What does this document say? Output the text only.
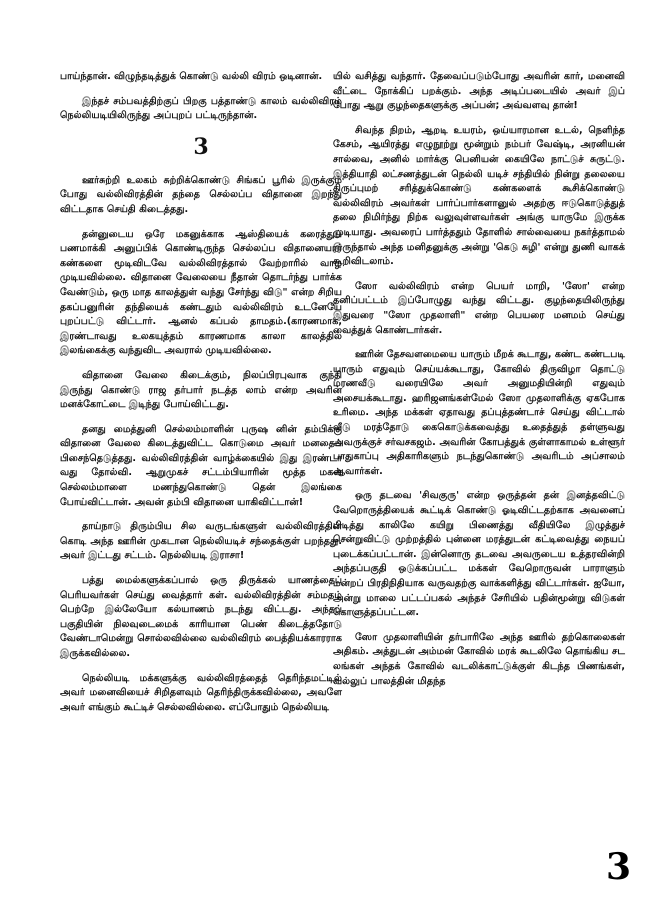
பாய்ந்தான். விழுந்தடித்துக் கொண்டு வல்லி விரம் ஒடினான்.

இந்தச் சம்பவத்திற்குப் பிறகு பத்தாண்டு காலம் வல்லிவிரம் நெல்லியடியிலிருந்து அப்புறப் பட்டிருந்தான்.

3

ஊர்சுற்றி உலகம் சுற்றிக்கொண்டு சிங்கப் பூரில் இருக்கும் போது வல்லிவிரத்தின் தந்தை செல்லப்ப விதானை இறந்து விட்டதாக செய்தி கிடைத்தது.

தன்னுடைய ஒரே மகனுக்காக ஆஸ்தியைக் கரைத்துப் பணமாக்கி அனுப்பிக் கொண்டிருந்த செல்லப்ப விதானையார் கண்களை மூடிவிடவே வல்லிவிரத்தால் வேற்றாரில் வாழ முடியவில்லை. விதானை வேலையை நீதான் தொடர்ந்து பார்க்க வேண்டும், ஒரு மாத காலத்துள் வந்து சேர்ந்து விடு" என்ற சிறிய தகப்பனுரின் தந்தியைக் கண்டதும் வல்லிவிரம் உடனேயே புறப்பட்டு விட்டார். ஆனல் கப்பல் தாமதம்.(காரணமாக, இரண்டாவது உலகயுத்தம் காரணமாக காலா காலத்தில் இலங்கைக்கு வந்துவிட அவரால் முடியவில்லை.

விதானை வேலை கிடைக்கும், நிலப்பிரபுவாக குந்தி இருந்து கொண்டு ராஜ தர்பார் நடத்த லாம் என்ற அவரின் மனக்கோட்டை இடிந்து போய்விட்டது.

தனது மைத்துனி செல்லம்மாளின் புருஷ னின் தம்பிக்கு விதானை வேலை கிடைத்துவிட்ட கொடுமை அவர் மனதைப் பிசைந்தெடுத்தது. வல்லிவிரத்தின் வாழ்க்கையில் இது இரண்டா வது தோல்வி. ஆறுமுகச் சட்டம்பியாரின் மூத்த மகள் செல்லம்மாளை மணந்துகொண்டு தென் இலங்கை போய்விட்டான். அவன் தம்பி விதானை யாகிவிட்டான்!

தாய்நாடு திரும்பிய சில வருடங்களுள் வல்லிவிரத்தின் கொடி அந்த ஊரின் முகடான நெல்லியடிச் சந்தைக்குள் பறந்தது. அவர் இட்டது சட்டம். நெல்லியடி இராசா!

பத்து மைல்களுக்கப்பால் ஒரு திருக்கல் யாணத்தைப் பெரியவர்கள் செய்து வைத்தார் கள். வல்லிவிரத்தின் சம்மதம் பெற்றே இல்லேயோ கல்யாணம் நடந்து விட்டது. அந்தப் பகுதியின் நிலவுடைமைக் காரியான பெண் கிடைத்ததோடு வேண்டாமென்று சொல்லவில்லை வல்லிவிரம் பைத்தியக்காரராக இருக்கவில்லை.

நெல்லியடி மக்களுக்கு வல்லிவிரத்தைத் தெரிந்தமட்டில் அவர் மனைவியைச் சிறிதளவும் தெரிந்திருக்கவில்லை, அவளே அவர் எங்கும் கூட்டிச் செல்லவில்லை. எப்போதும் நெல்லியடி

யில் வசித்து வந்தார். தேவைப்படும்போது அவரின் கார், மனைவி வீட்டை நோக்கிப் பறக்கும். அந்த அடிப்படையில் அவர் இப் போது ஆறு குழந்தைகளுக்கு அப்பன்; அவ்வளவு தான்!

சிவந்த நிறம், ஆறடி உயரம், ஒய்யாரமான உடல், நெளிந்த கேசம், ஆயிரத்து எழுநூற்று மூன்றும் நம்பர் வேஷ்டி, அரனியன் சால்வை, அனில் மார்க்கு பெனியன் கையிலே நாட்டுச் சுருட்டு. இத்தியாதி லட்சணத்துடன் நெல்லி யடிச் சந்தியில் நின்று தலையை திருப்புமற் சரித்துக்கொண்டு கண்களைக் கூசிக்கொண்டு வல்லிவிரம் அவர்கள் பார்ப்பார்களானுல் அதற்கு ஈடுகொடுத்துத் தலை நிமிர்ந்து நிற்க வலுவுள்ளவர்கள் அங்கு யாருமே இருக்க முடியாது. அவரைப் பார்த்ததும் தோளில் சால்வையை நகர்த்தாமல் இருந்தால் அந்த மனிதனுக்கு அன்று 'கெடு சுழி' என்று துணி வாகக் கூறிவிடலாம்.

ஸோ வல்லிவிரம் என்ற பெயர் மாறி, 'ஸோ' என்ற தனிப்பட்டம் இப்போழுது வந்து விட்டது. குழந்தையிலிருந்து இதுவரை "ஸோ முதலாளி" என்ற பெயரை மனமம் செய்து வைத்துக் கொண்டார்கள்.

ஊரின் தேசவளமையை யாரும் மீறக் கூடாது, கண்ட கண்டபடி யாரும் எதுவும் செய்யக்கூடாது, கோவில் திருவிழா தொட்டு மரணவீடு வரையிலே அவர் அனுமதியின்றி எதுவும் அசையக்கூடாது. ஹரிஜனங்கள்மேல் ஸோ முதலாளிக்கு ஏகபோக உரிமை. அந்த மக்கள் ஏதாவது தப்புத்தண்டாச் செய்து விட்டால் வீடு மரத்தோடு கைகொடுக்கவைத்து உதைத்துத் தள்ளுவது அவருக்குச் சர்வசகஜம். அவரின் கோபத்துக் குள்ளாகாமல் உள்ளூர் பாதுகாப்பு அதிகாரிகளும் நடந்துகொண்டு அவரிடம் அப்சாலம் ஆவார்கள்.

ஒரு தடவை 'சிவகுரு' என்ற ஒருத்தன் தன் இனத்தவிட்டு வேறொருத்தியைக் கூட்டிக் கொண்டு ஓடிவிட்டதற்காக அவனைப் பிடித்து காலிலே கயிறு பிணைத்து வீதியிலே இழுத்துச் சென்றுவிட்டு முற்றத்தில் புன்னை மரத்துடன் கட்டிவைத்து நையப் புடைக்கப்பட்டான். இன்னொரு தடவை அவருடைய உத்தரவின்றி அந்தப்பகுதி ஒடுக்கப்பட்ட மக்கள் வேறொருவன் பாராளும் மன்றப் பிரதிநிதியாக வருவதற்கு வாக்களித்து விட்டார்கள். ஐயோ, அன்று மாலை பட்டப்பகல் அந்தச் சேரியில் பதின்மூன்று விடுகள் கொளுத்தப்பட்டன.

ஸோ முதலாளியின் தர்பாரிலே அந்த ஊரில் தற்கொலைகள் அதிகம். அத்துடன் அம்மன் கோவில் மரக் கூடலிலே தொங்கிய சட லங்கள் அந்தக் கோவில் வடலிக்காட்டுக்குள் கிடந்த பிணங்கள், வல்லுப் பாலத்தின் மிதந்த

3
